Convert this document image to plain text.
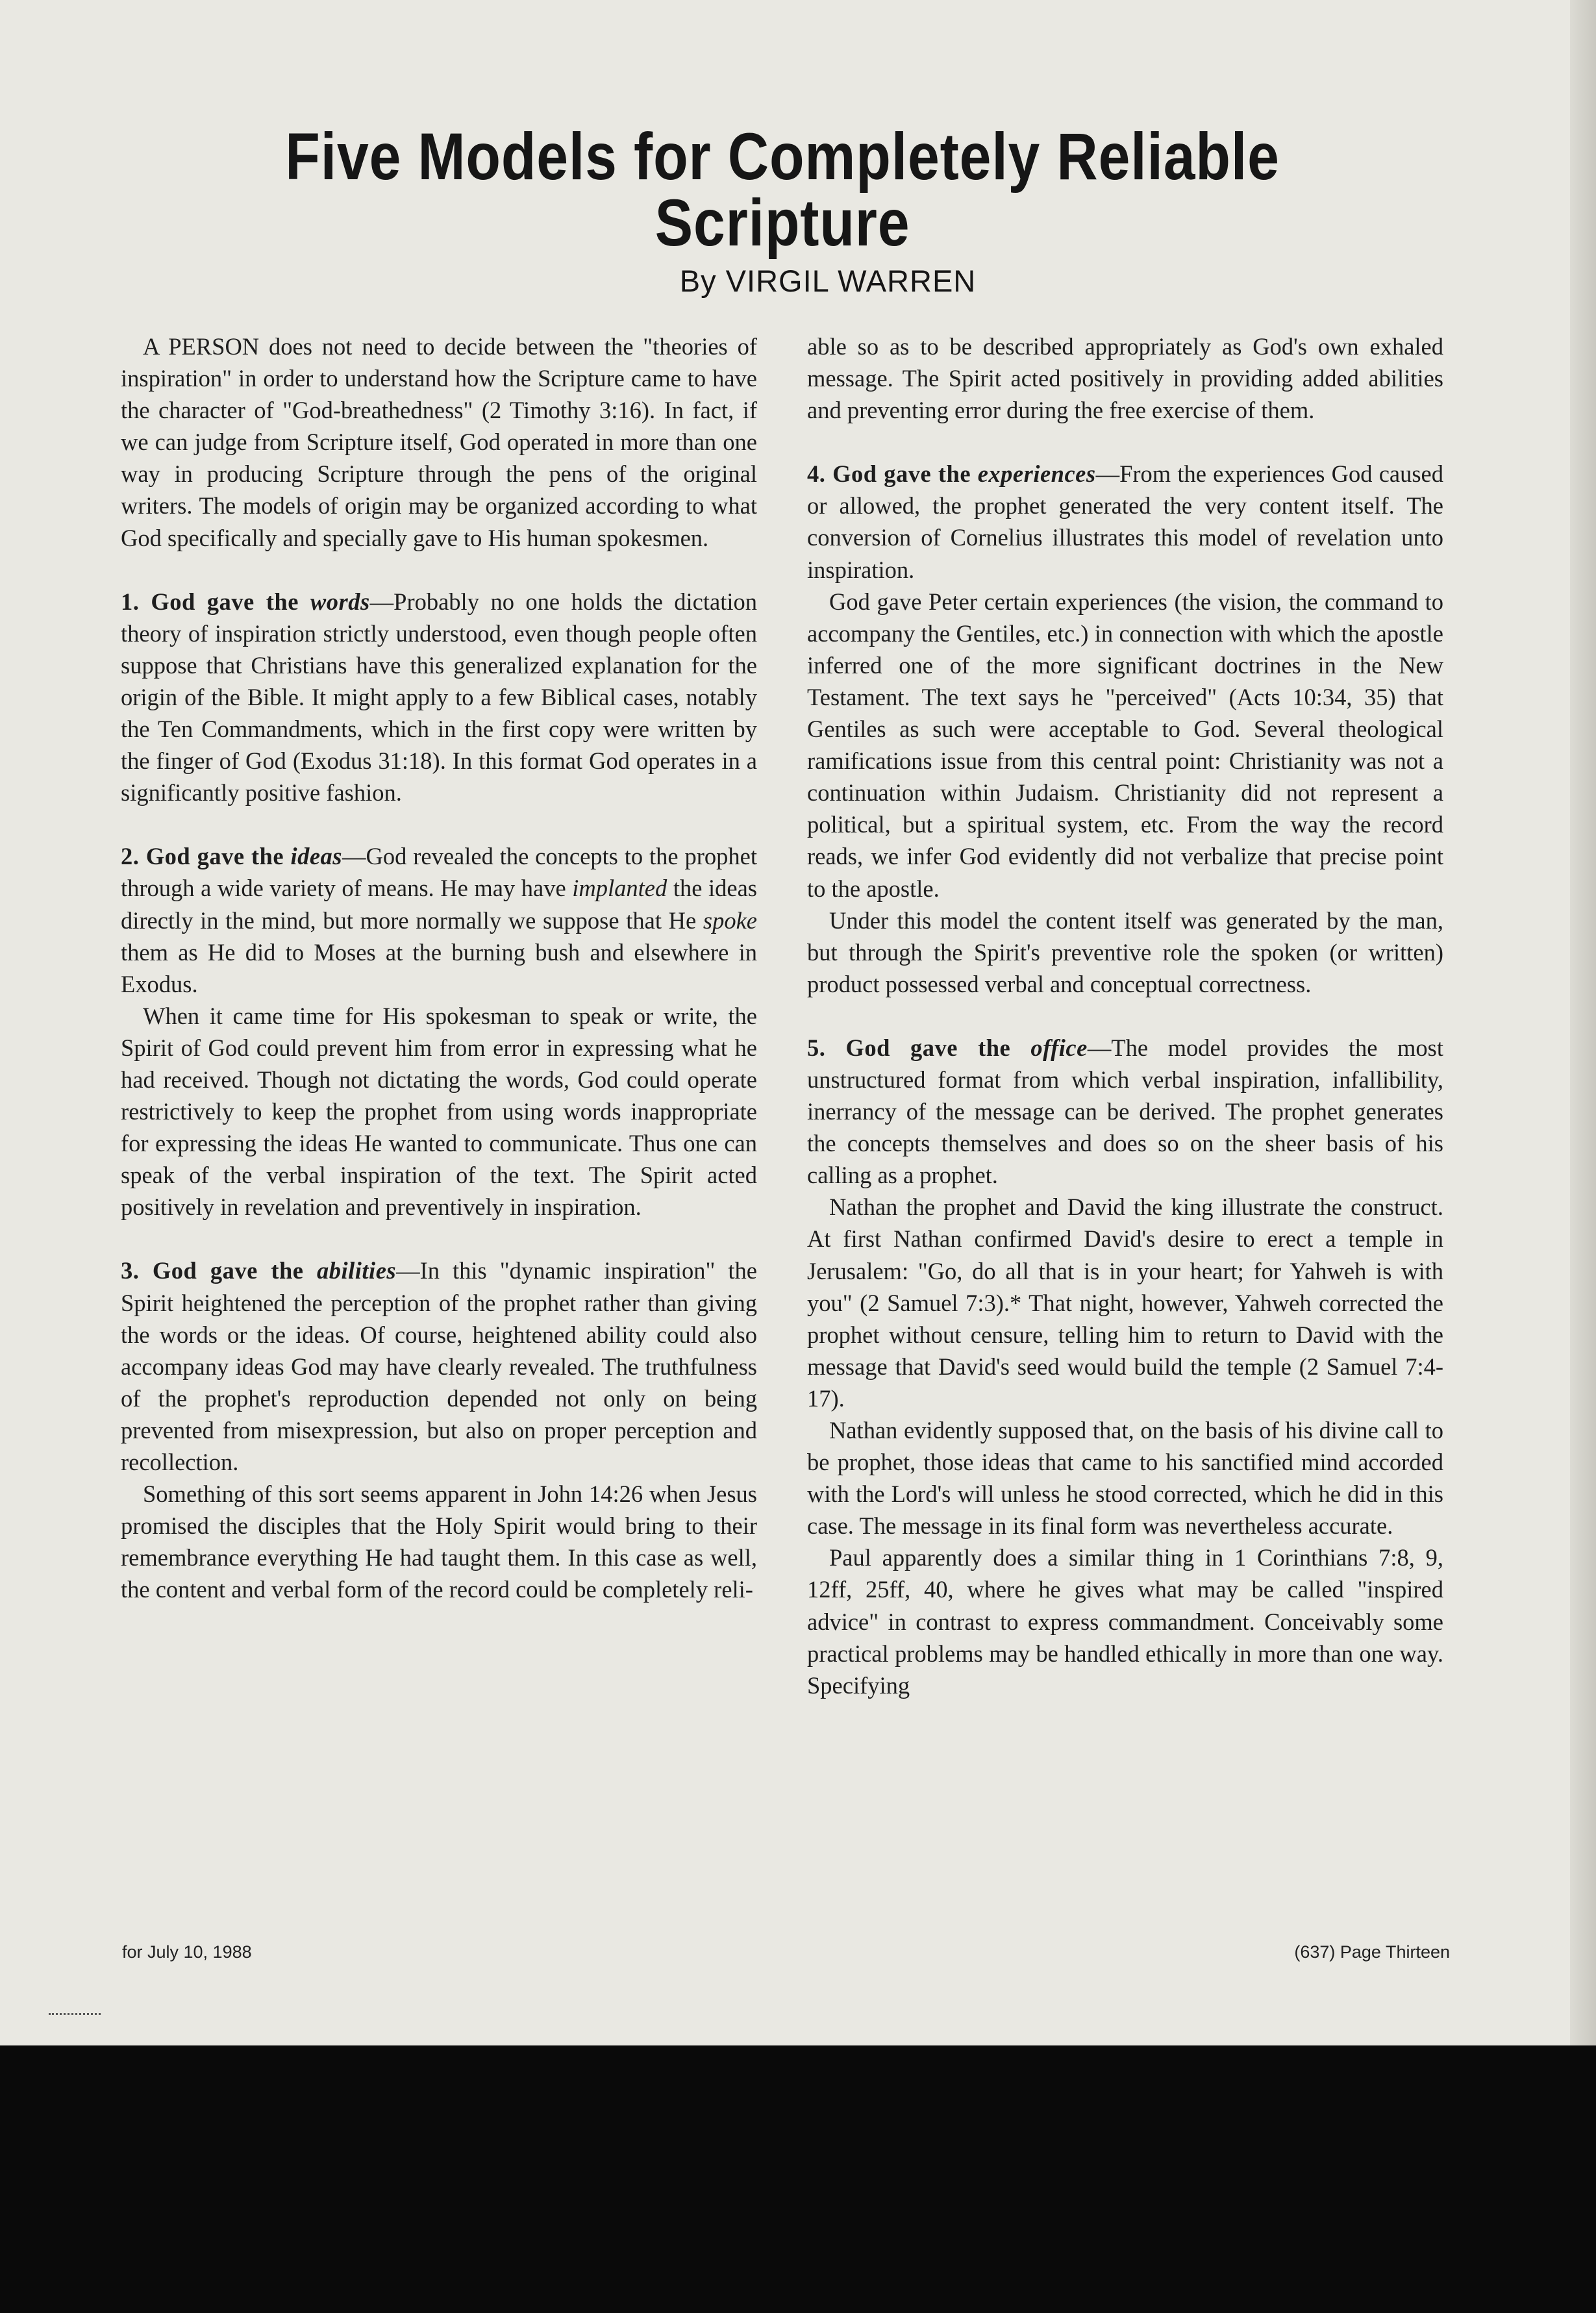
Five Models for Completely Reliable Scripture
By VIRGIL WARREN

A PERSON does not need to decide between the "theories of inspiration" in order to understand how the Scripture came to have the character of "God-breathedness" (2 Timothy 3:16). In fact, if we can judge from Scripture itself, God operated in more than one way in producing Scripture through the pens of the original writers. The models of origin may be organized according to what God specifically and specially gave to His human spokesmen.

1. God gave the words—Probably no one holds the dictation theory of inspiration strictly understood, even though people often suppose that Christians have this generalized explanation for the origin of the Bible. It might apply to a few Biblical cases, notably the Ten Commandments, which in the first copy were written by the finger of God (Exodus 31:18). In this format God operates in a significantly positive fashion.

2. God gave the ideas—God revealed the concepts to the prophet through a wide variety of means. He may have implanted the ideas directly in the mind, but more normally we suppose that He spoke them as He did to Moses at the burning bush and elsewhere in Exodus.

When it came time for His spokesman to speak or write, the Spirit of God could prevent him from error in expressing what he had received. Though not dictating the words, God could operate restrictively to keep the prophet from using words inappropriate for expressing the ideas He wanted to communicate. Thus one can speak of the verbal inspiration of the text. The Spirit acted positively in revelation and preventively in inspiration.

3. God gave the abilities—In this "dynamic inspiration" the Spirit heightened the perception of the prophet rather than giving the words or the ideas. Of course, heightened ability could also accompany ideas God may have clearly revealed. The truthfulness of the prophet's reproduction depended not only on being prevented from misexpression, but also on proper perception and recollection.

Something of this sort seems apparent in John 14:26 when Jesus promised the disciples that the Holy Spirit would bring to their remembrance everything He had taught them. In this case as well, the content and verbal form of the record could be completely reli-

able so as to be described appropriately as God's own exhaled message. The Spirit acted positively in providing added abilities and preventing error during the free exercise of them.

4. God gave the experiences—From the experiences God caused or allowed, the prophet generated the very content itself. The conversion of Cornelius illustrates this model of revelation unto inspiration.

God gave Peter certain experiences (the vision, the command to accompany the Gentiles, etc.) in connection with which the apostle inferred one of the more significant doctrines in the New Testament. The text says he "perceived" (Acts 10:34, 35) that Gentiles as such were acceptable to God. Several theological ramifications issue from this central point: Christianity was not a continuation within Judaism. Christianity did not represent a political, but a spiritual system, etc. From the way the record reads, we infer God evidently did not verbalize that precise point to the apostle.

Under this model the content itself was generated by the man, but through the Spirit's preventive role the spoken (or written) product possessed verbal and conceptual correctness.

5. God gave the office—The model provides the most unstructured format from which verbal inspiration, infallibility, inerrancy of the message can be derived. The prophet generates the concepts themselves and does so on the sheer basis of his calling as a prophet.

Nathan the prophet and David the king illustrate the construct. At first Nathan confirmed David's desire to erect a temple in Jerusalem: "Go, do all that is in your heart; for Yahweh is with you" (2 Samuel 7:3).* That night, however, Yahweh corrected the prophet without censure, telling him to return to David with the message that David's seed would build the temple (2 Samuel 7:4-17).

Nathan evidently supposed that, on the basis of his divine call to be prophet, those ideas that came to his sanctified mind accorded with the Lord's will unless he stood corrected, which he did in this case. The message in its final form was nevertheless accurate.

Paul apparently does a similar thing in 1 Corinthians 7:8, 9, 12ff, 25ff, 40, where he gives what may be called "inspired advice" in contrast to express commandment. Conceivably some practical problems may be handled ethically in more than one way. Specifying

for July 10, 1988	(637) Page Thirteen
